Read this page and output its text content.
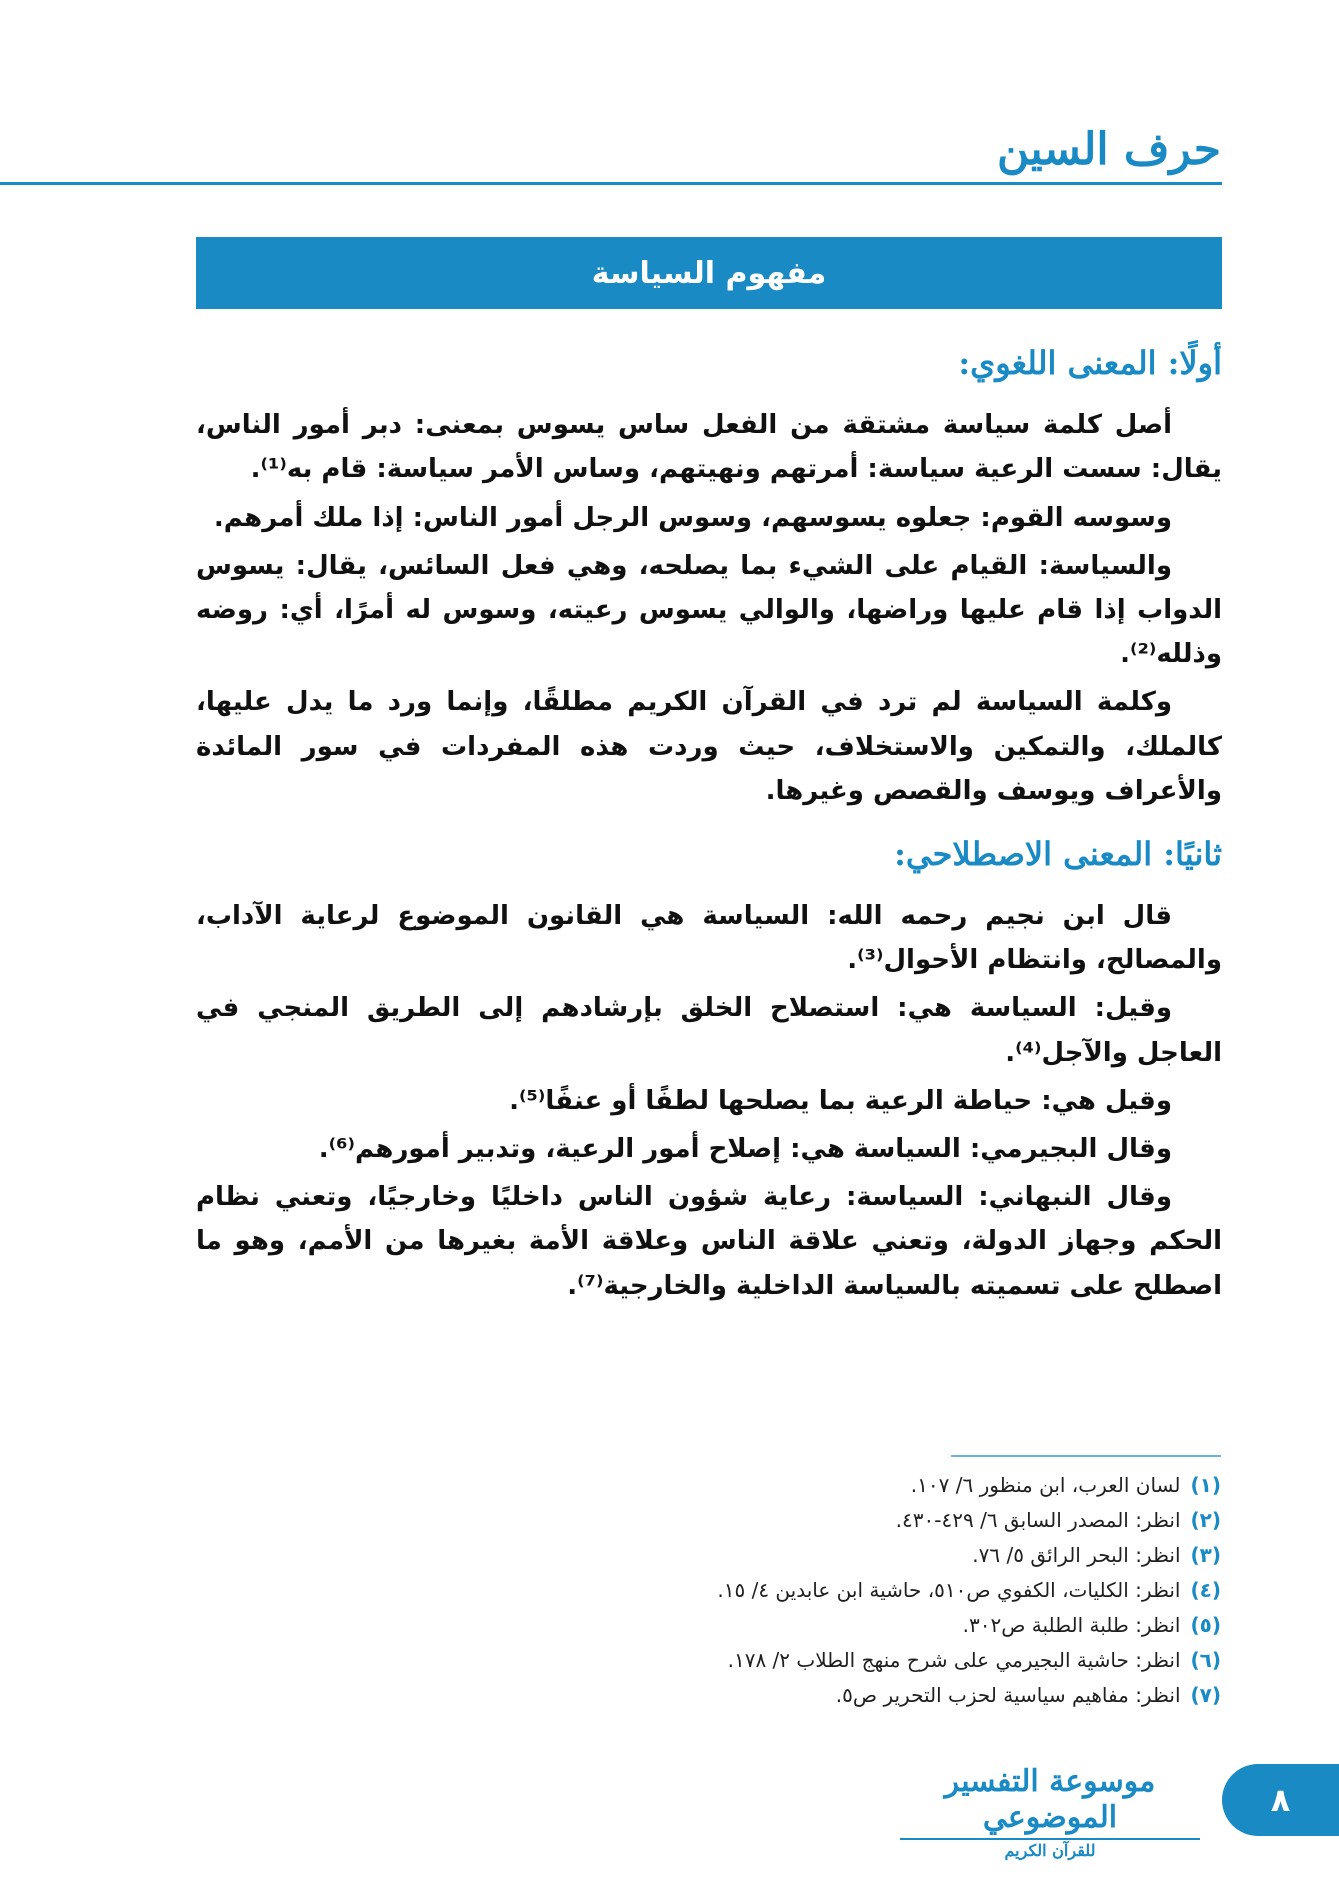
حرف السين
مفهوم السياسة
أولًا: المعنى اللغوي:

أصل كلمة سياسة مشتقة من الفعل ساس يسوس بمعنى: دبر أمور الناس، يقال: سست الرعية سياسة: أمرتهم ونهيتهم، وساس الأمر سياسة: قام به⁽¹⁾.

وسوسه القوم: جعلوه يسوسهم، وسوس الرجل أمور الناس: إذا ملك أمرهم.

والسياسة: القيام على الشيء بما يصلحه، وهي فعل السائس، يقال: يسوس الدواب إذا قام عليها وراضها، والوالي يسوس رعيته، وسوس له أمرًا، أي: روضه وذلله⁽²⁾.

وكلمة السياسة لم ترد في القرآن الكريم مطلقًا، وإنما ورد ما يدل عليها، كالملك، والتمكين والاستخلاف، حيث وردت هذه المفردات في سور المائدة والأعراف ويوسف والقصص وغيرها.

ثانيًا: المعنى الاصطلاحي:

قال ابن نجيم رحمه الله: السياسة هي القانون الموضوع لرعاية الآداب، والمصالح، وانتظام الأحوال⁽³⁾.

وقيل: السياسة هي: استصلاح الخلق بإرشادهم إلى الطريق المنجي في العاجل والآجل⁽⁴⁾.

وقيل هي: حياطة الرعية بما يصلحها لطفًا أو عنفًا⁽⁵⁾.

وقال البجيرمي: السياسة هي: إصلاح أمور الرعية، وتدبير أمورهم⁽⁶⁾.

وقال النبهاني: السياسة: رعاية شؤون الناس داخليًا وخارجيًا، وتعني نظام الحكم وجهاز الدولة، وتعني علاقة الناس وعلاقة الأمة بغيرها من الأمم، وهو ما اصطلح على تسميته بالسياسة الداخلية والخارجية⁽⁷⁾.

(١)لسان العرب، ابن منظور ٦/ ١٠٧.
(٢)انظر: المصدر السابق ٦/ ٤٢٩-٤٣٠.
(٣)انظر: البحر الرائق ٥/ ٧٦.
(٤)انظر: الكليات، الكفوي ص٥١٠، حاشية ابن عابدين ٤/ ١٥.
(٥)انظر: طلبة الطلبة ص٣٠٢.
(٦)انظر: حاشية البجيرمي على شرح منهج الطلاب ٢/ ١٧٨.
(٧)انظر: مفاهيم سياسية لحزب التحرير ص٥.
موسوعة التفسير الموضوعي
للقرآن الكريم
٨
